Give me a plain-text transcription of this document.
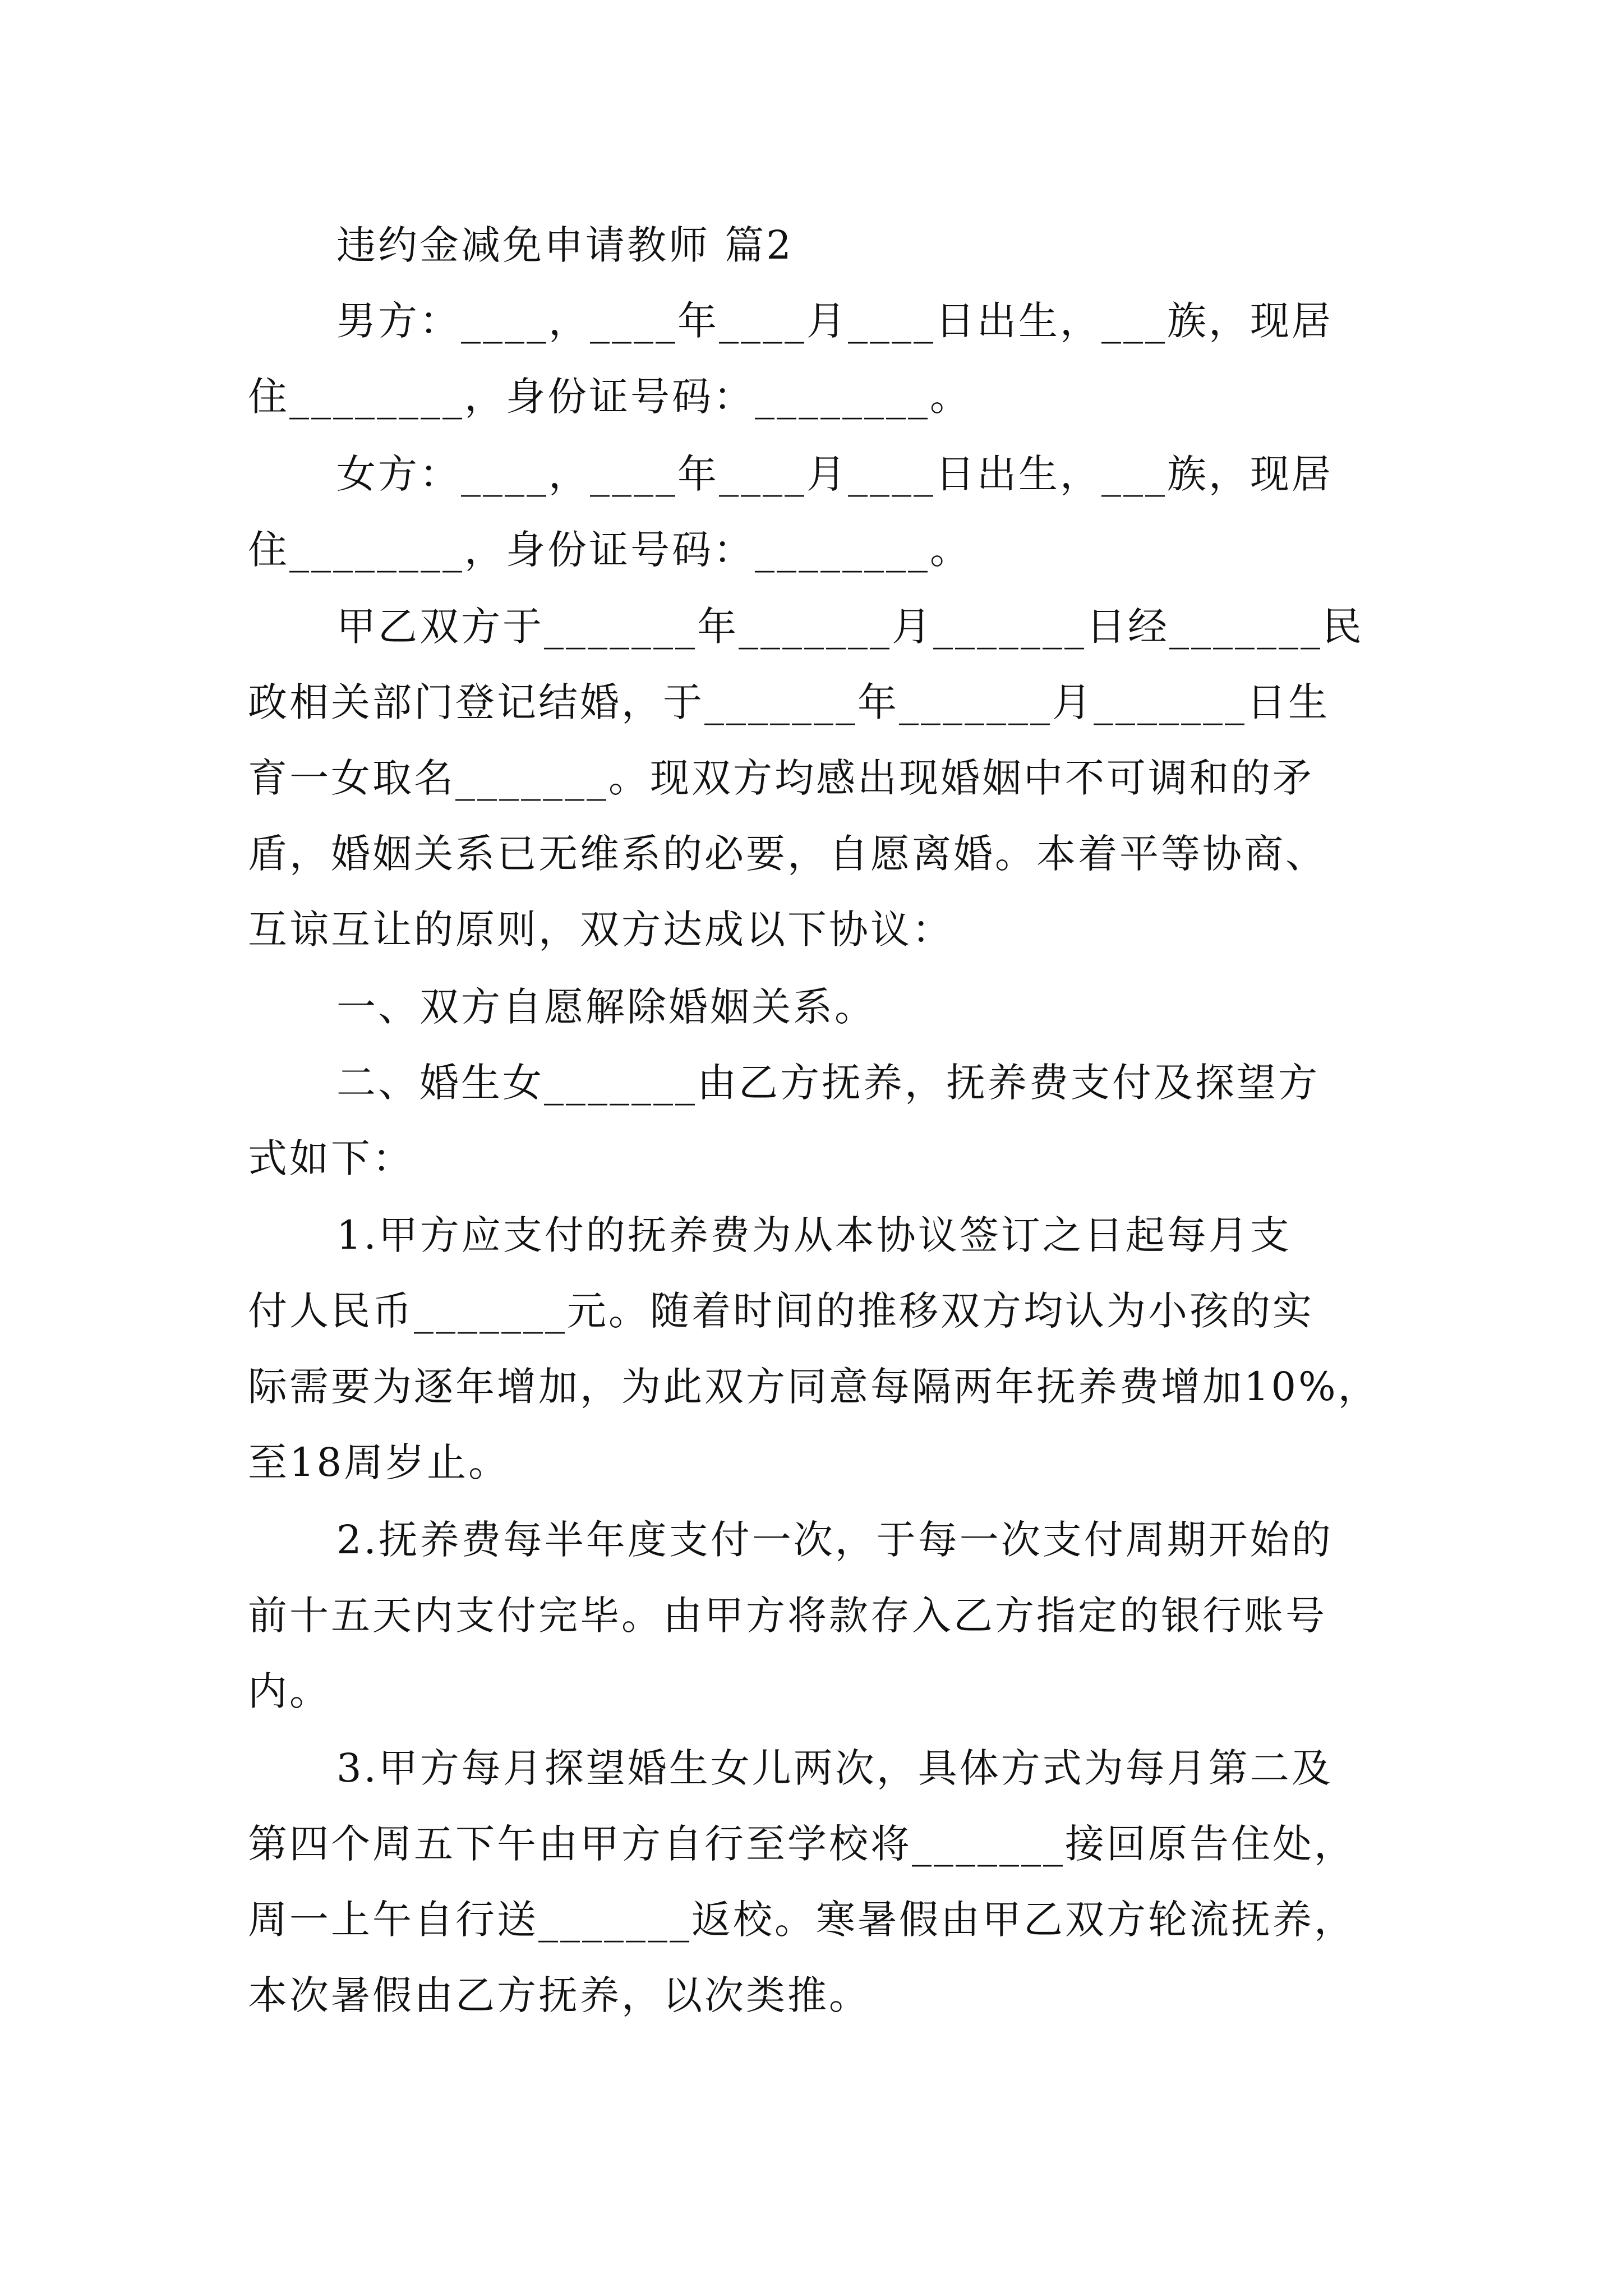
违约金减免申请教师 篇2
男方：____，____年____月____日出生，___族，现居
住________，身份证号码：________。
女方：____，____年____月____日出生，___族，现居
住________，身份证号码：________。
甲乙双方于_______年_______月_______日经_______民
政相关部门登记结婚，于_______年_______月_______日生
育一女取名_______。现双方均感出现婚姻中不可调和的矛
盾，婚姻关系已无维系的必要，自愿离婚。本着平等协商、
互谅互让的原则，双方达成以下协议：
一、双方自愿解除婚姻关系。
二、婚生女_______由乙方抚养，抚养费支付及探望方
式如下：
1.甲方应支付的抚养费为从本协议签订之日起每月支
付人民币_______元。随着时间的推移双方均认为小孩的实
际需要为逐年增加，为此双方同意每隔两年抚养费增加10%，
至18周岁止。
2.抚养费每半年度支付一次，于每一次支付周期开始的
前十五天内支付完毕。由甲方将款存入乙方指定的银行账号
内。
3.甲方每月探望婚生女儿两次，具体方式为每月第二及
第四个周五下午由甲方自行至学校将_______接回原告住处，
周一上午自行送_______返校。寒暑假由甲乙双方轮流抚养，
本次暑假由乙方抚养，以次类推。
